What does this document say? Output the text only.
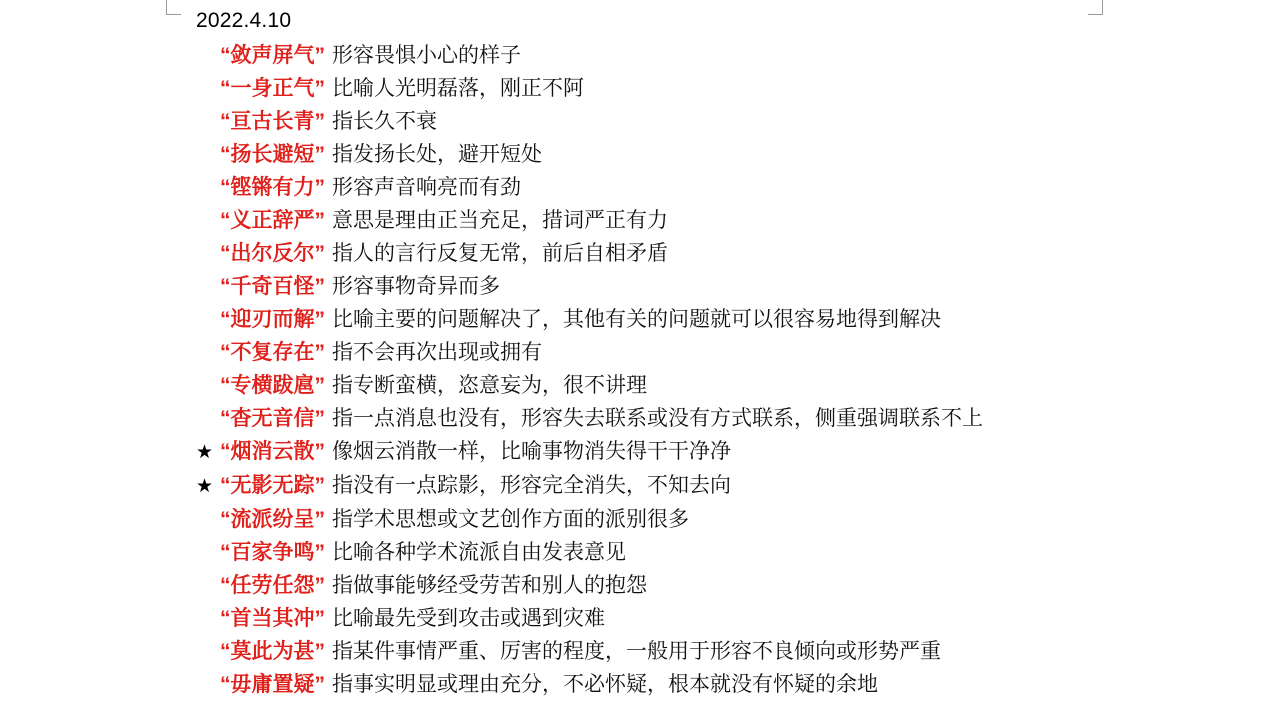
2022.4.10
“敛声屏气” 形容畏惧小心的样子
“一身正气” 比喻人光明磊落，刚正不阿
“亘古长青” 指长久不衰
“扬长避短” 指发扬长处，避开短处
“铿锵有力” 形容声音响亮而有劲
“义正辞严” 意思是理由正当充足，措词严正有力
“出尔反尔” 指人的言行反复无常，前后自相矛盾
“千奇百怪” 形容事物奇异而多
“迎刃而解” 比喻主要的问题解决了，其他有关的问题就可以很容易地得到解决
“不复存在” 指不会再次出现或拥有
“专横跋扈” 指专断蛮横，恣意妄为，很不讲理
“杳无音信” 指一点消息也没有，形容失去联系或没有方式联系，侧重强调联系不上
★ “烟消云散” 像烟云消散一样，比喻事物消失得干干净净
★ “无影无踪” 指没有一点踪影，形容完全消失，不知去向
“流派纷呈” 指学术思想或文艺创作方面的派别很多
“百家争鸣” 比喻各种学术流派自由发表意见
“任劳任怨” 指做事能够经受劳苦和别人的抱怨
“首当其冲” 比喻最先受到攻击或遇到灾难
“莫此为甚” 指某件事情严重、厉害的程度，一般用于形容不良倾向或形势严重
“毋庸置疑” 指事实明显或理由充分，不必怀疑，根本就没有怀疑的余地
